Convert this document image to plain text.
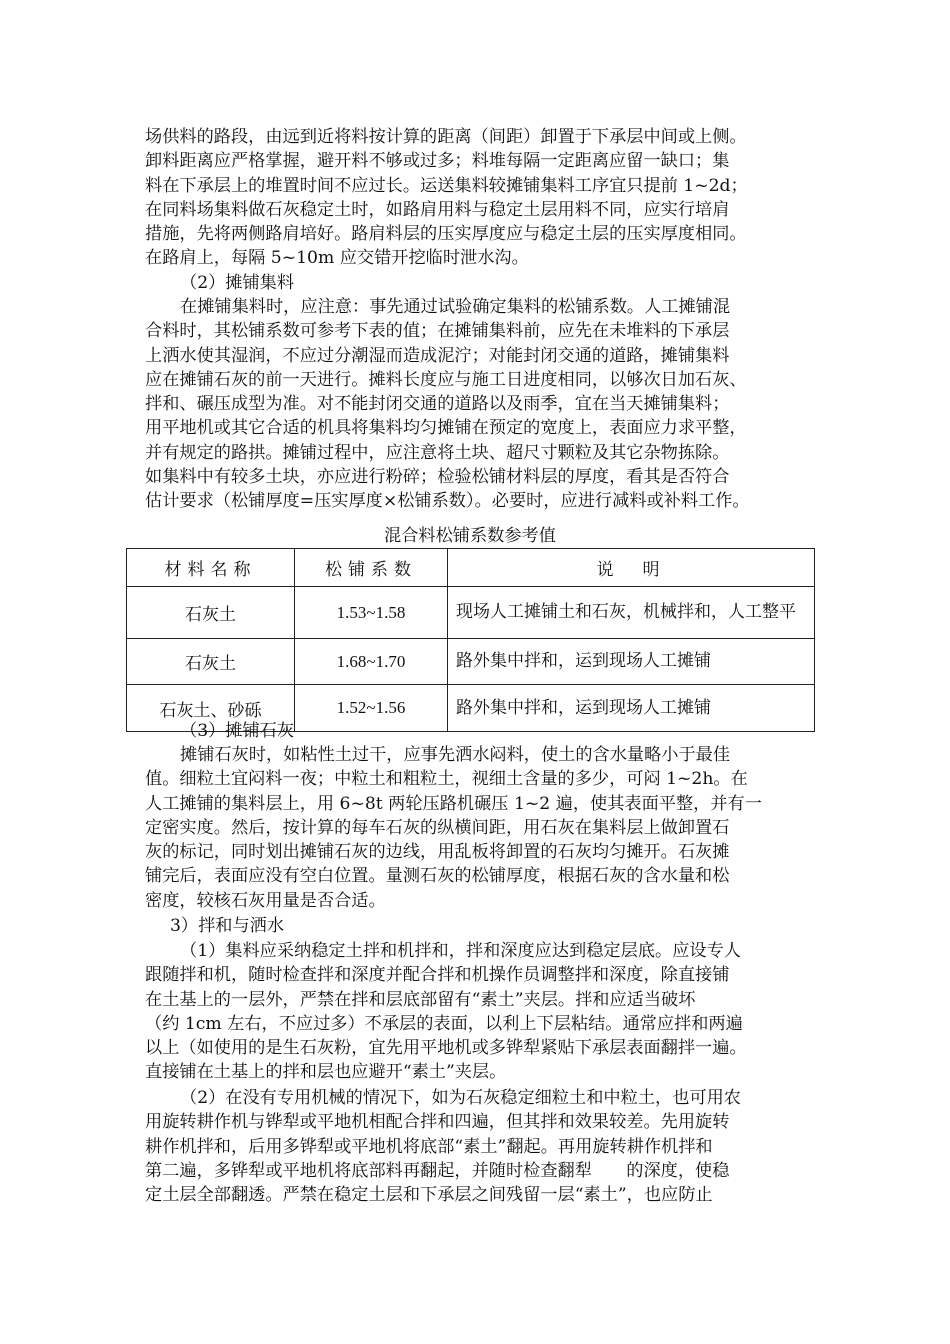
场供料的路段，由远到近将料按计算的距离（间距）卸置于下承层中间或上侧。
卸料距离应严格掌握，避开料不够或过多；料堆每隔一定距离应留一缺口；集
料在下承层上的堆置时间不应过长。运送集料较摊铺集料工序宜只提前 1~2d；
在同料场集料做石灰稳定土时，如路肩用料与稳定土层用料不同，应实行培肩
措施，先将两侧路肩培好。路肩料层的压实厚度应与稳定土层的压实厚度相同。
在路肩上，每隔 5~10m 应交错开挖临时泄水沟。
（2）摊铺集料
在摊铺集料时，应注意：事先通过试验确定集料的松铺系数。人工摊铺混
合料时，其松铺系数可参考下表的值；在摊铺集料前，应先在未堆料的下承层
上洒水使其湿润，不应过分潮湿而造成泥泞；对能封闭交通的道路，摊铺集料
应在摊铺石灰的前一天进行。摊料长度应与施工日进度相同，以够次日加石灰、
拌和、碾压成型为准。对不能封闭交通的道路以及雨季，宜在当天摊铺集料；
用平地机或其它合适的机具将集料均匀摊铺在预定的宽度上，表面应力求平整，
并有规定的路拱。摊铺过程中，应注意将土块、超尺寸颗粒及其它杂物拣除。
如集料中有较多土块，亦应进行粉碎；检验松铺材料层的厚度，看其是否符合
估计要求（松铺厚度=压实厚度×松铺系数）。必要时，应进行减料或补料工作。
混合料松铺系数参考值
材料名称	松铺系数	说　明
石灰土	1.53~1.58	现场人工摊铺土和石灰，机械拌和，人工整平
石灰土	1.68~1.70	路外集中拌和，运到现场人工摊铺
石灰土、砂砾	1.52~1.56	路外集中拌和，运到现场人工摊铺
（3）摊铺石灰
摊铺石灰时，如粘性土过干，应事先洒水闷料，使土的含水量略小于最佳
值。细粒土宜闷料一夜；中粒土和粗粒土，视细土含量的多少，可闷 1~2h。在
人工摊铺的集料层上，用 6~8t 两轮压路机碾压 1~2 遍，使其表面平整，并有一
定密实度。然后，按计算的每车石灰的纵横间距，用石灰在集料层上做卸置石
灰的标记，同时划出摊铺石灰的边线，用乱板将卸置的石灰均匀摊开。石灰摊
铺完后，表面应没有空白位置。量测石灰的松铺厚度，根据石灰的含水量和松
密度，较核石灰用量是否合适。
3）拌和与洒水
（1）集料应采纳稳定土拌和机拌和，拌和深度应达到稳定层底。应设专人
跟随拌和机，随时检查拌和深度并配合拌和机操作员调整拌和深度，除直接铺
在土基上的一层外，严禁在拌和层底部留有“素土”夹层。拌和应适当破坏
（约 1cm 左右，不应过多）不承层的表面，以利上下层粘结。通常应拌和两遍
以上（如使用的是生石灰粉，宜先用平地机或多铧犁紧贴下承层表面翻拌一遍。
直接铺在土基上的拌和层也应避开“素土”夹层。
（2）在没有专用机械的情况下，如为石灰稳定细粒土和中粒土，也可用农
用旋转耕作机与铧犁或平地机相配合拌和四遍，但其拌和效果较差。先用旋转
耕作机拌和，后用多铧犁或平地机将底部“素土”翻起。再用旋转耕作机拌和
第二遍，多铧犁或平地机将底部料再翻起，并随时检查翻犁　　的深度，使稳
定土层全部翻透。严禁在稳定土层和下承层之间残留一层“素土”，也应防止
